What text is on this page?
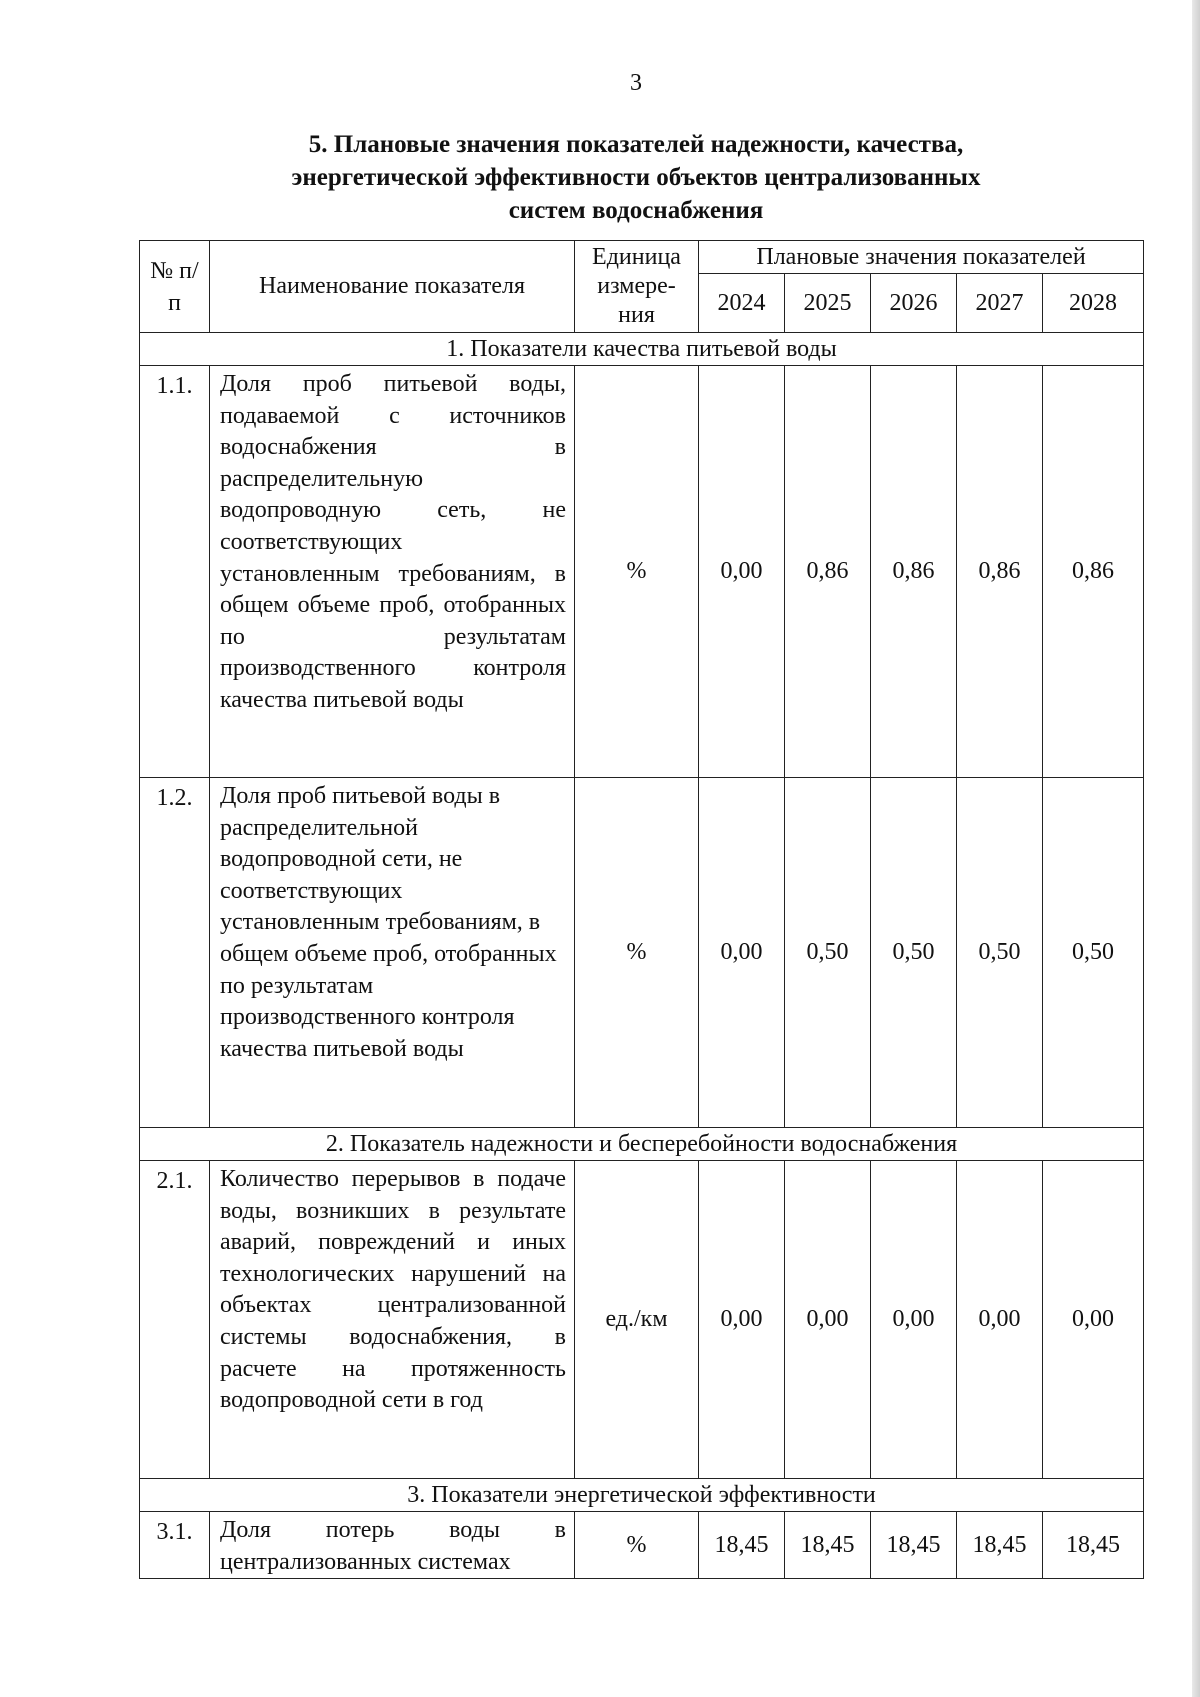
3
5. Плановые значения показателей надежности, качества,
энергетической эффективности объектов централизованных
систем водоснабжения
№ п/п	Наименование показателя	Единица измере-ния	Плановые значения показателей				
			2024	2025	2026	2027	2028
1. Показатели качества питьевой воды							
1.1.	Доля проб питьевой воды, подаваемой с источников водоснабжения в распределительную водопроводную сеть, не соответствующих установленным требованиям, в общем объеме проб, отобранных по результатам производственного контроля качества питьевой воды	%	0,00	0,86	0,86	0,86	0,86
1.2.	Доля проб питьевой воды в распределительной водопроводной сети, не соответствующих установленным требованиям, в общем объеме проб, отобранных по результатам производственного контроля качества питьевой воды	%	0,00	0,50	0,50	0,50	0,50
2. Показатель надежности и бесперебойности водоснабжения							
2.1.	Количество перерывов в подаче воды, возникших в результате аварий, повреждений и иных технологических нарушений на объектах централизованной системы водоснабжения, в расчете на протяженность водопроводной сети в год	ед./км	0,00	0,00	0,00	0,00	0,00
3. Показатели энергетической эффективности							
3.1.	Доля потерь воды в централизованных системах	%	18,45	18,45	18,45	18,45	18,45
